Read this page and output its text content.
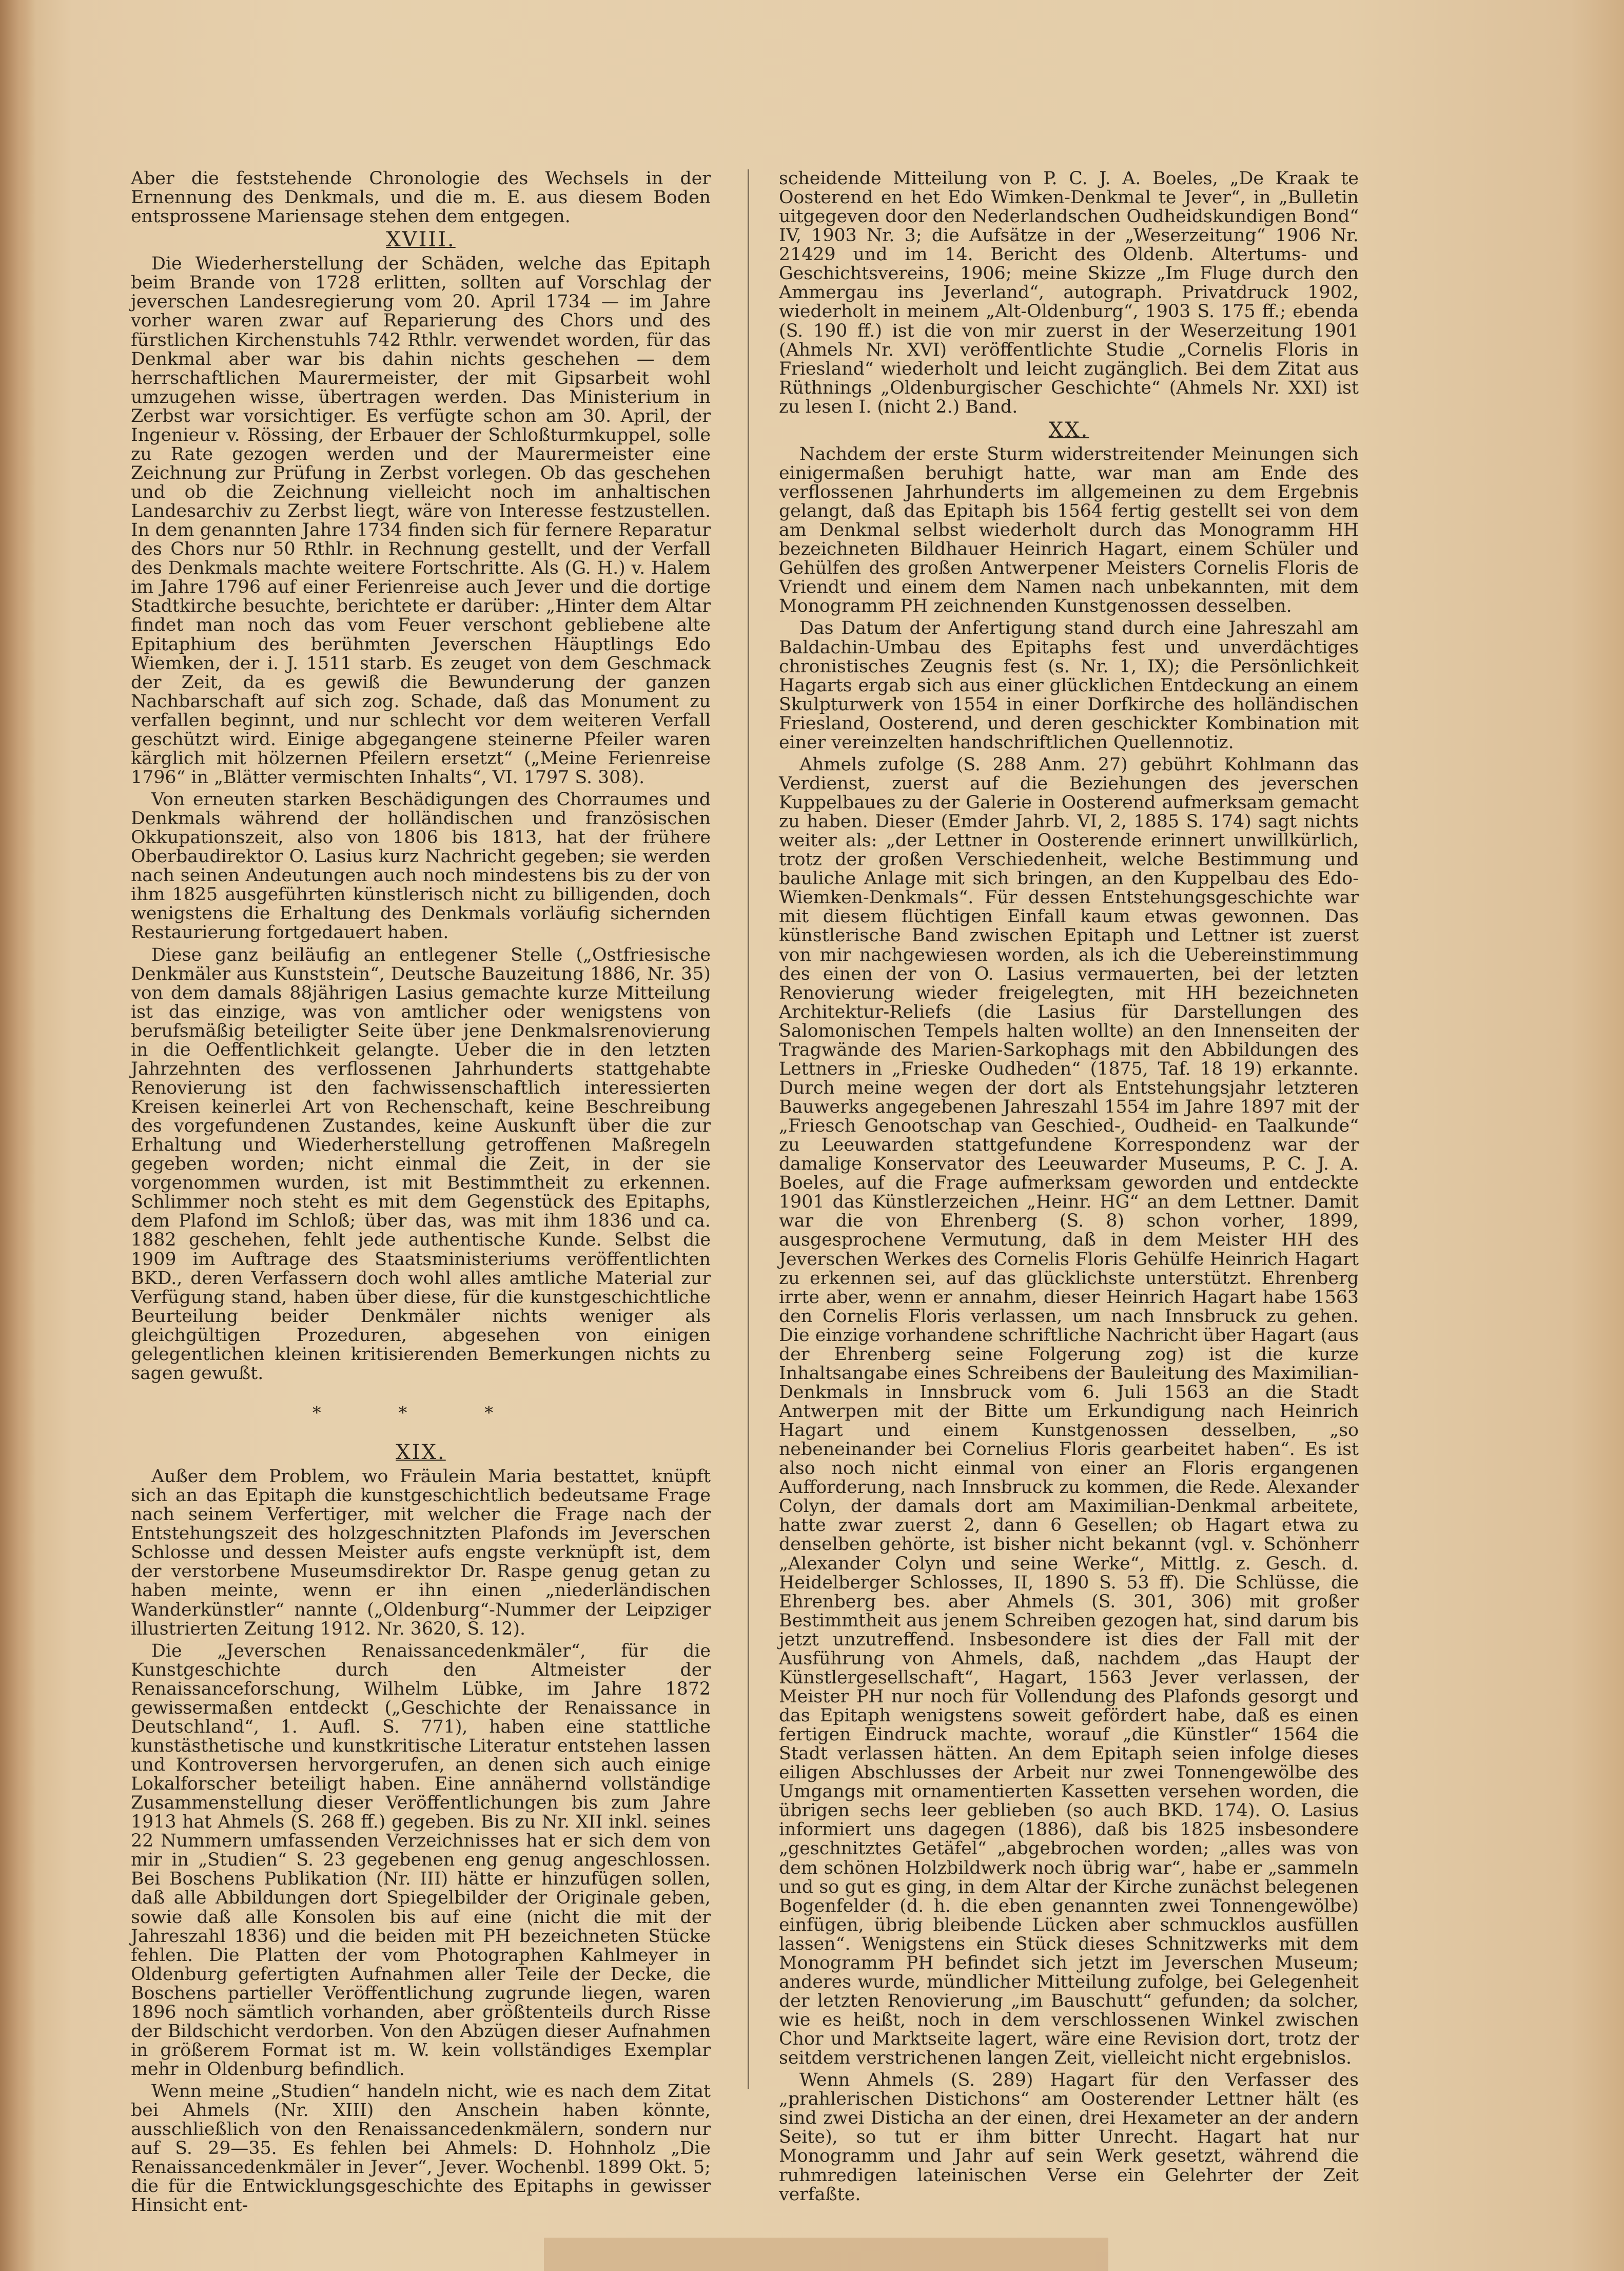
Aber die feststehende Chronologie des Wechsels in der Ernennung des Denkmals, und die m. E. aus diesem Boden entsprossene Mariensage stehen dem entgegen.

XVIII.

Die Wiederherstellung der Schäden, welche das Epitaph beim Brande von 1728 erlitten, sollten auf Vorschlag der jeverschen Landesregierung vom 20. April 1734 — im Jahre vorher waren zwar auf Reparierung des Chors und des fürstlichen Kirchenstuhls 742 Rthlr. verwendet worden, für das Denkmal aber war bis dahin nichts geschehen — dem herrschaftlichen Maurermeister, der mit Gipsarbeit wohl umzugehen wisse, übertragen werden. Das Ministerium in Zerbst war vorsichtiger. Es verfügte schon am 30. April, der Ingenieur v. Rössing, der Erbauer der Schloßturmkuppel, solle zu Rate gezogen werden und der Maurermeister eine Zeichnung zur Prüfung in Zerbst vorlegen. Ob das geschehen und ob die Zeichnung vielleicht noch im anhaltischen Landesarchiv zu Zerbst liegt, wäre von Interesse festzustellen. In dem genannten Jahre 1734 finden sich für fernere Reparatur des Chors nur 50 Rthlr. in Rechnung gestellt, und der Verfall des Denkmals machte weitere Fortschritte. Als (G. H.) v. Halem im Jahre 1796 auf einer Ferienreise auch Jever und die dortige Stadtkirche besuchte, berichtete er darüber: „Hinter dem Altar findet man noch das vom Feuer verschont gebliebene alte Epitaphium des berühmten Jeverschen Häuptlings Edo Wiemken, der i. J. 1511 starb. Es zeuget von dem Geschmack der Zeit, da es gewiß die Bewunderung der ganzen Nachbarschaft auf sich zog. Schade, daß das Monument zu verfallen beginnt, und nur schlecht vor dem weiteren Verfall geschützt wird. Einige abgegangene steinerne Pfeiler waren kärglich mit hölzernen Pfeilern ersetzt“ („Meine Ferienreise 1796“ in „Blätter vermischten Inhalts“, VI. 1797 S. 308).

Von erneuten starken Beschädigungen des Chorraumes und Denkmals während der holländischen und französischen Okkupationszeit, also von 1806 bis 1813, hat der frühere Oberbaudirektor O. Lasius kurz Nachricht gegeben; sie werden nach seinen Andeutungen auch noch mindestens bis zu der von ihm 1825 ausgeführten künstlerisch nicht zu billigenden, doch wenigstens die Erhaltung des Denkmals vorläufig sichernden Restaurierung fortgedauert haben.

Diese ganz beiläufig an entlegener Stelle („Ostfriesische Denkmäler aus Kunststein“, Deutsche Bauzeitung 1886, Nr. 35) von dem damals 88jährigen Lasius gemachte kurze Mitteilung ist das einzige, was von amtlicher oder wenigstens von berufsmäßig beteiligter Seite über jene Denkmalsrenovierung in die Oeffentlichkeit gelangte. Ueber die in den letzten Jahrzehnten des verflossenen Jahrhunderts stattgehabte Renovierung ist den fachwissenschaftlich interessierten Kreisen keinerlei Art von Rechenschaft, keine Beschreibung des vorgefundenen Zustandes, keine Auskunft über die zur Erhaltung und Wiederherstellung getroffenen Maßregeln gegeben worden; nicht einmal die Zeit, in der sie vorgenommen wurden, ist mit Bestimmtheit zu erkennen. Schlimmer noch steht es mit dem Gegenstück des Epitaphs, dem Plafond im Schloß; über das, was mit ihm 1836 und ca. 1882 geschehen, fehlt jede authentische Kunde. Selbst die 1909 im Auftrage des Staatsministeriums veröffentlichten BKD., deren Verfassern doch wohl alles amtliche Material zur Verfügung stand, haben über diese, für die kunstgeschichtliche Beurteilung beider Denkmäler nichts weniger als gleichgültigen Prozeduren, abgesehen von einigen gelegentlichen kleinen kritisierenden Bemerkungen nichts zu sagen gewußt.

* * *
XIX.

Außer dem Problem, wo Fräulein Maria bestattet, knüpft sich an das Epitaph die kunstgeschichtlich bedeutsame Frage nach seinem Verfertiger, mit welcher die Frage nach der Entstehungszeit des holzgeschnitzten Plafonds im Jeverschen Schlosse und dessen Meister aufs engste verknüpft ist, dem der verstorbene Museumsdirektor Dr. Raspe genug getan zu haben meinte, wenn er ihn einen „niederländischen Wanderkünstler“ nannte („Oldenburg“-Nummer der Leipziger illustrierten Zeitung 1912. Nr. 3620, S. 12).

Die „Jeverschen Renaissancedenkmäler“, für die Kunstgeschichte durch den Altmeister der Renaissanceforschung, Wilhelm Lübke, im Jahre 1872 gewissermaßen entdeckt („Geschichte der Renaissance in Deutschland“, 1. Aufl. S. 771), haben eine stattliche kunstästhetische und kunstkritische Literatur entstehen lassen und Kontroversen hervorgerufen, an denen sich auch einige Lokalforscher beteiligt haben. Eine annähernd vollständige Zusammenstellung dieser Veröffentlichungen bis zum Jahre 1913 hat Ahmels (S. 268 ff.) gegeben. Bis zu Nr. XII inkl. seines 22 Nummern umfassenden Verzeichnisses hat er sich dem von mir in „Studien“ S. 23 gegebenen eng genug angeschlossen. Bei Boschens Publikation (Nr. III) hätte er hinzufügen sollen, daß alle Abbildungen dort Spiegelbilder der Originale geben, sowie daß alle Konsolen bis auf eine (nicht die mit der Jahreszahl 1836) und die beiden mit PH bezeichneten Stücke fehlen. Die Platten der vom Photographen Kahlmeyer in Oldenburg gefertigten Aufnahmen aller Teile der Decke, die Boschens partieller Veröffentlichung zugrunde liegen, waren 1896 noch sämtlich vorhanden, aber größtenteils durch Risse der Bildschicht verdorben. Von den Abzügen dieser Aufnahmen in größerem Format ist m. W. kein vollständiges Exemplar mehr in Oldenburg befindlich.

Wenn meine „Studien“ handeln nicht, wie es nach dem Zitat bei Ahmels (Nr. XIII) den Anschein haben könnte, ausschließlich von den Renaissancedenkmälern, sondern nur auf S. 29—35. Es fehlen bei Ahmels: D. Hohnholz „Die Renaissancedenkmäler in Jever“, Jever. Wochenbl. 1899 Okt. 5; die für die Entwicklungsgeschichte des Epitaphs in gewisser Hinsicht ent-

scheidende Mitteilung von P. C. J. A. Boeles, „De Kraak te Oosterend en het Edo Wimken-Denkmal te Jever“, in „Bulletin uitgegeven door den Nederlandschen Oudheidskundigen Bond“ IV, 1903 Nr. 3; die Aufsätze in der „Weserzeitung“ 1906 Nr. 21429 und im 14. Bericht des Oldenb. Altertums- und Geschichtsvereins, 1906; meine Skizze „Im Fluge durch den Ammergau ins Jeverland“, autograph. Privatdruck 1902, wiederholt in meinem „Alt-Oldenburg“, 1903 S. 175 ff.; ebenda (S. 190 ff.) ist die von mir zuerst in der Weserzeitung 1901 (Ahmels Nr. XVI) veröffentlichte Studie „Cornelis Floris in Friesland“ wiederholt und leicht zugänglich. Bei dem Zitat aus Rüthnings „Oldenburgischer Geschichte“ (Ahmels Nr. XXI) ist zu lesen I. (nicht 2.) Band.

XX.

Nachdem der erste Sturm widerstreitender Meinungen sich einigermaßen beruhigt hatte, war man am Ende des verflossenen Jahrhunderts im allgemeinen zu dem Ergebnis gelangt, daß das Epitaph bis 1564 fertig gestellt sei von dem am Denkmal selbst wiederholt durch das Monogramm HH bezeichneten Bildhauer Heinrich Hagart, einem Schüler und Gehülfen des großen Antwerpener Meisters Cornelis Floris de Vriendt und einem dem Namen nach unbekannten, mit dem Monogramm PH zeichnenden Kunstgenossen desselben.

Das Datum der Anfertigung stand durch eine Jahreszahl am Baldachin-Umbau des Epitaphs fest und unverdächtiges chronistisches Zeugnis fest (s. Nr. 1, IX); die Persönlichkeit Hagarts ergab sich aus einer glücklichen Entdeckung an einem Skulpturwerk von 1554 in einer Dorfkirche des holländischen Friesland, Oosterend, und deren geschickter Kombination mit einer vereinzelten handschriftlichen Quellennotiz.

Ahmels zufolge (S. 288 Anm. 27) gebührt Kohlmann das Verdienst, zuerst auf die Beziehungen des jeverschen Kuppelbaues zu der Galerie in Oosterend aufmerksam gemacht zu haben. Dieser (Emder Jahrb. VI, 2, 1885 S. 174) sagt nichts weiter als: „der Lettner in Oosterende erinnert unwillkürlich, trotz der großen Verschiedenheit, welche Bestimmung und bauliche Anlage mit sich bringen, an den Kuppelbau des Edo-Wiemken-Denkmals“. Für dessen Entstehungsgeschichte war mit diesem flüchtigen Einfall kaum etwas gewonnen. Das künstlerische Band zwischen Epitaph und Lettner ist zuerst von mir nachgewiesen worden, als ich die Uebereinstimmung des einen der von O. Lasius vermauerten, bei der letzten Renovierung wieder freigelegten, mit HH bezeichneten Architektur-Reliefs (die Lasius für Darstellungen des Salomonischen Tempels halten wollte) an den Innenseiten der Tragwände des Marien-Sarkophags mit den Abbildungen des Lettners in „Frieske Oudheden“ (1875, Taf. 18 19) erkannte. Durch meine wegen der dort als Entstehungsjahr letzteren Bauwerks angegebenen Jahreszahl 1554 im Jahre 1897 mit der „Friesch Genootschap van Geschied-, Oudheid- en Taalkunde“ zu Leeuwarden stattgefundene Korrespondenz war der damalige Konservator des Leeuwarder Museums, P. C. J. A. Boeles, auf die Frage aufmerksam geworden und entdeckte 1901 das Künstlerzeichen „Heinr. HG“ an dem Lettner. Damit war die von Ehrenberg (S. 8) schon vorher, 1899, ausgesprochene Vermutung, daß in dem Meister HH des Jeverschen Werkes des Cornelis Floris Gehülfe Heinrich Hagart zu erkennen sei, auf das glücklichste unterstützt. Ehrenberg irrte aber, wenn er annahm, dieser Heinrich Hagart habe 1563 den Cornelis Floris verlassen, um nach Innsbruck zu gehen. Die einzige vorhandene schriftliche Nachricht über Hagart (aus der Ehrenberg seine Folgerung zog) ist die kurze Inhaltsangabe eines Schreibens der Bauleitung des Maximilian-Denkmals in Innsbruck vom 6. Juli 1563 an die Stadt Antwerpen mit der Bitte um Erkundigung nach Heinrich Hagart und einem Kunstgenossen desselben, „so nebeneinander bei Cornelius Floris gearbeitet haben“. Es ist also noch nicht einmal von einer an Floris ergangenen Aufforderung, nach Innsbruck zu kommen, die Rede. Alexander Colyn, der damals dort am Maximilian-Denkmal arbeitete, hatte zwar zuerst 2, dann 6 Gesellen; ob Hagart etwa zu denselben gehörte, ist bisher nicht bekannt (vgl. v. Schönherr „Alexander Colyn und seine Werke“, Mittlg. z. Gesch. d. Heidelberger Schlosses, II, 1890 S. 53 ff). Die Schlüsse, die Ehrenberg bes. aber Ahmels (S. 301, 306) mit großer Bestimmtheit aus jenem Schreiben gezogen hat, sind darum bis jetzt unzutreffend. Insbesondere ist dies der Fall mit der Ausführung von Ahmels, daß, nachdem „das Haupt der Künstlergesellschaft“, Hagart, 1563 Jever verlassen, der Meister PH nur noch für Vollendung des Plafonds gesorgt und das Epitaph wenigstens soweit gefördert habe, daß es einen fertigen Eindruck machte, worauf „die Künstler“ 1564 die Stadt verlassen hätten. An dem Epitaph seien infolge dieses eiligen Abschlusses der Arbeit nur zwei Tonnengewölbe des Umgangs mit ornamentierten Kassetten versehen worden, die übrigen sechs leer geblieben (so auch BKD. 174). O. Lasius informiert uns dagegen (1886), daß bis 1825 insbesondere „geschnitztes Getäfel“ „abgebrochen worden; „alles was von dem schönen Holzbildwerk noch übrig war“, habe er „sammeln und so gut es ging, in dem Altar der Kirche zunächst belegenen Bogenfelder (d. h. die eben genannten zwei Tonnengewölbe) einfügen, übrig bleibende Lücken aber schmucklos ausfüllen lassen“. Wenigstens ein Stück dieses Schnitzwerks mit dem Monogramm PH befindet sich jetzt im Jeverschen Museum; anderes wurde, mündlicher Mitteilung zufolge, bei Gelegenheit der letzten Renovierung „im Bauschutt“ gefunden; da solcher, wie es heißt, noch in dem verschlossenen Winkel zwischen Chor und Marktseite lagert, wäre eine Revision dort, trotz der seitdem verstrichenen langen Zeit, vielleicht nicht ergebnislos.

Wenn Ahmels (S. 289) Hagart für den Verfasser des „prahlerischen Distichons“ am Oosterender Lettner hält (es sind zwei Disticha an der einen, drei Hexameter an der andern Seite), so tut er ihm bitter Unrecht. Hagart hat nur Monogramm und Jahr auf sein Werk gesetzt, während die ruhmredigen lateinischen Verse ein Gelehrter der Zeit verfaßte.
